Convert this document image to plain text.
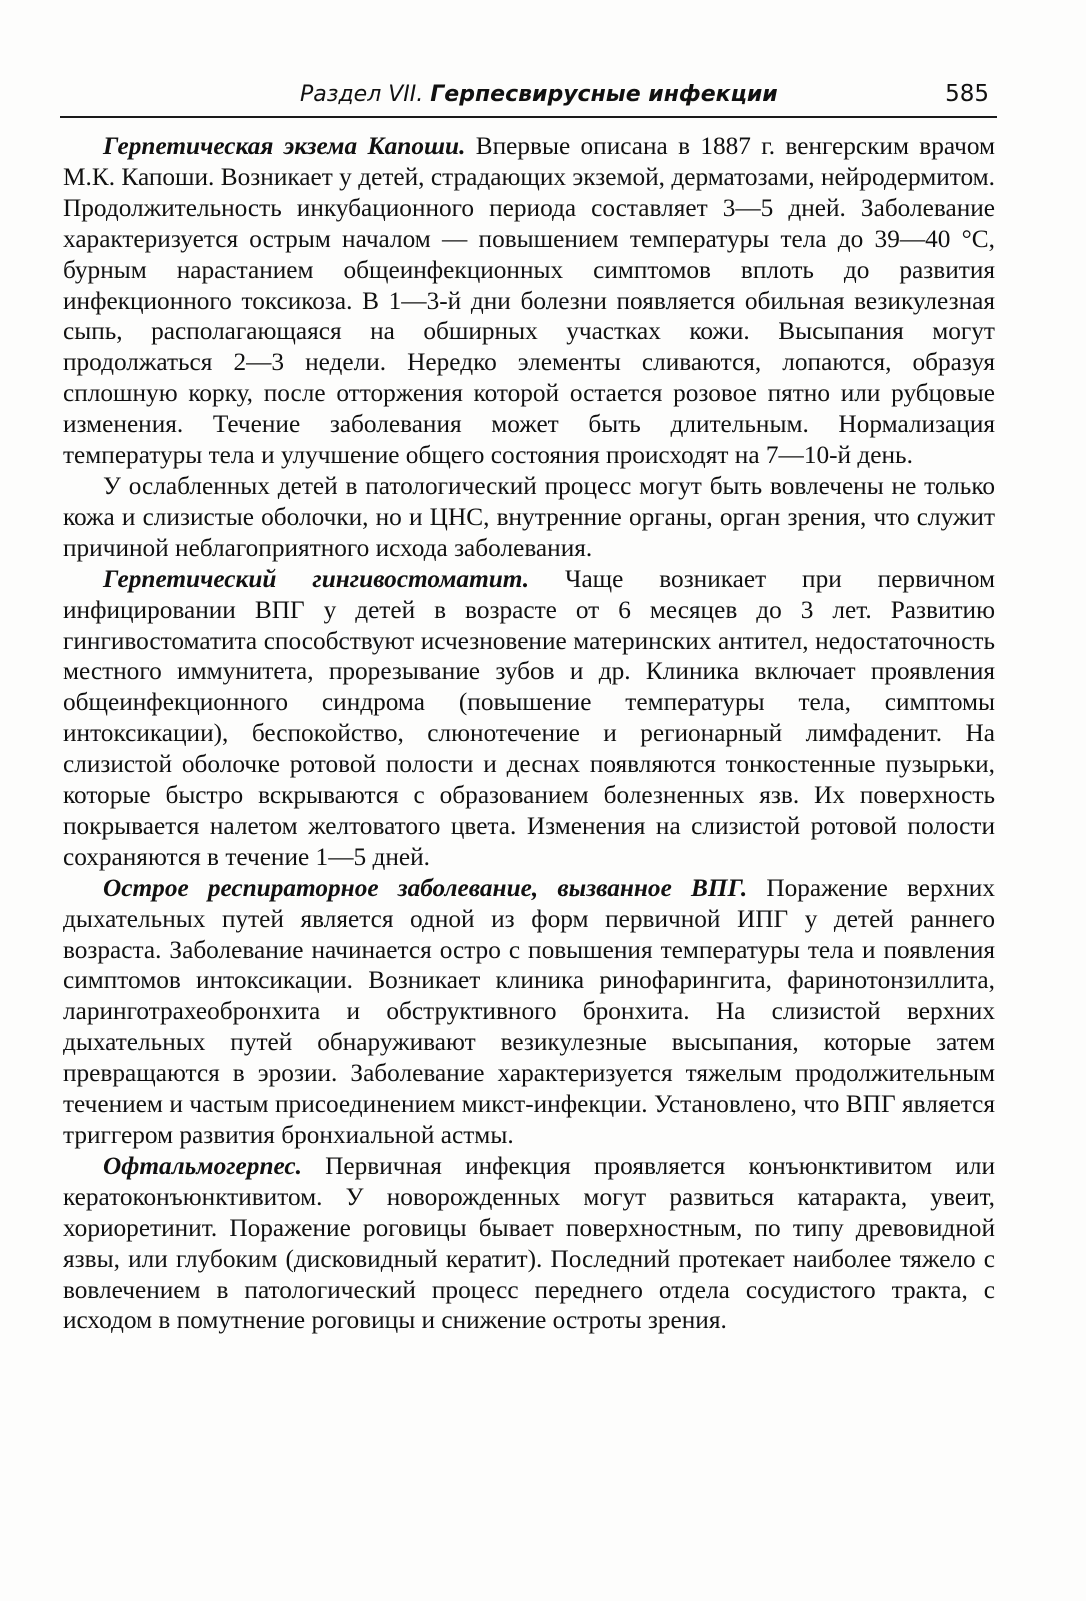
Раздел VII. Герпесвирусные инфекции	585

Герпетическая экзема Капоши. Впервые описана в 1887 г. венгерским врачом М.К. Капоши. Возникает у детей, страдающих экземой, дерматозами, нейродермитом. Продолжительность инкубационного периода составляет 3—5 дней. Заболевание характеризуется острым началом — повышением температуры тела до 39—40 °С, бурным нарастанием общеинфекционных симптомов вплоть до развития инфекционного токсикоза. В 1—3-й дни болезни появляется обильная везикулезная сыпь, располагающаяся на обширных участках кожи. Высыпания могут продолжаться 2—3 недели. Нередко элементы сливаются, лопаются, образуя сплошную корку, после отторжения которой остается розовое пятно или рубцовые изменения. Течение заболевания может быть длительным. Нормализация температуры тела и улучшение общего состояния происходят на 7—10-й день.

У ослабленных детей в патологический процесс могут быть вовлечены не только кожа и слизистые оболочки, но и ЦНС, внутренние органы, орган зрения, что служит причиной неблагоприятного исхода заболевания.

Герпетический гингивостоматит. Чаще возникает при первичном инфицировании ВПГ у детей в возрасте от 6 месяцев до 3 лет. Развитию гингивостоматита способствуют исчезновение материнских антител, недостаточность местного иммунитета, прорезывание зубов и др. Клиника включает проявления общеинфекционного синдрома (повышение температуры тела, симптомы интоксикации), беспокойство, слюнотечение и регионарный лимфаденит. На слизистой оболочке ротовой полости и деснах появляются тонкостенные пузырьки, которые быстро вскрываются с образованием болезненных язв. Их поверхность покрывается налетом желтоватого цвета. Изменения на слизистой ротовой полости сохраняются в течение 1—5 дней.

Острое респираторное заболевание, вызванное ВПГ. Поражение верхних дыхательных путей является одной из форм первичной ИПГ у детей раннего возраста. Заболевание начинается остро с повышения температуры тела и появления симптомов интоксикации. Возникает клиника ринофарингита, фаринотонзиллита, ларинготрахеобронхита и обструктивного бронхита. На слизистой верхних дыхательных путей обнаруживают везикулезные высыпания, которые затем превращаются в эрозии. Заболевание характеризуется тяжелым продолжительным течением и частым присоединением микст-инфекции. Установлено, что ВПГ является триггером развития бронхиальной астмы.

Офтальмогерпес. Первичная инфекция проявляется конъюнктивитом или кератоконъюнктивитом. У новорожденных могут развиться катаракта, увеит, хориоретинит. Поражение роговицы бывает поверхностным, по типу древовидной язвы, или глубоким (дисковидный кератит). Последний протекает наиболее тяжело с вовлечением в патологический процесс переднего отдела сосудистого тракта, с исходом в помутнение роговицы и снижение остроты зрения.
